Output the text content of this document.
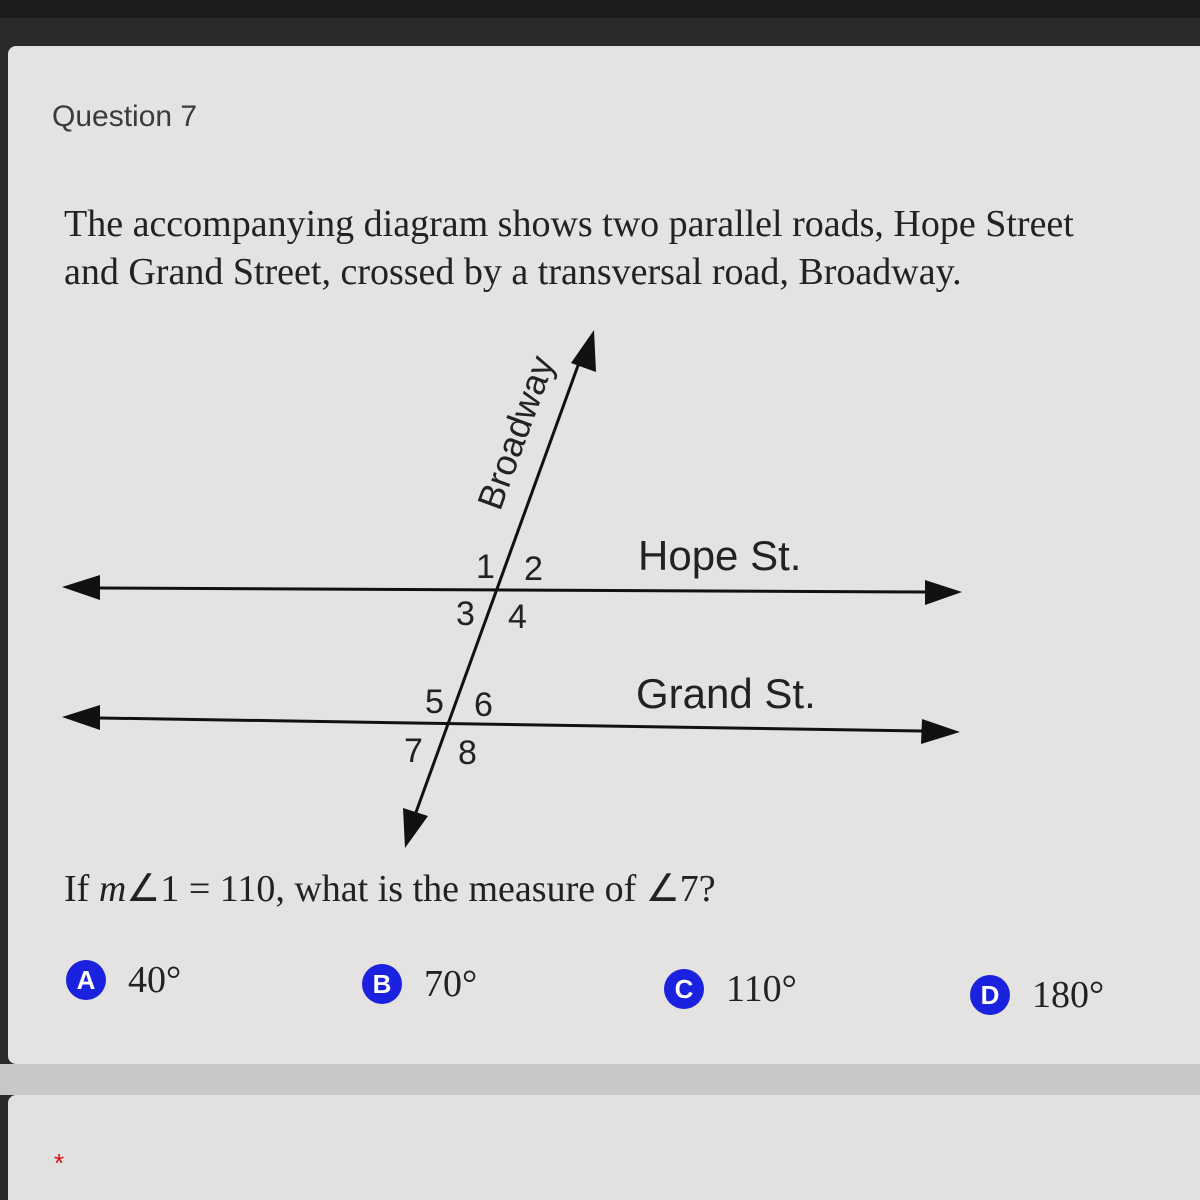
Question 7
The accompanying diagram shows two parallel roads, Hope Street
and Grand Street, crossed by a transversal road, Broadway.
Broadway
Hope St.
Grand St.
1 2
3 4
5 6
7 8
If m∠1 = 110, what is the measure of ∠7?
A 40°	B 70°	C 110°	D 180°
*
